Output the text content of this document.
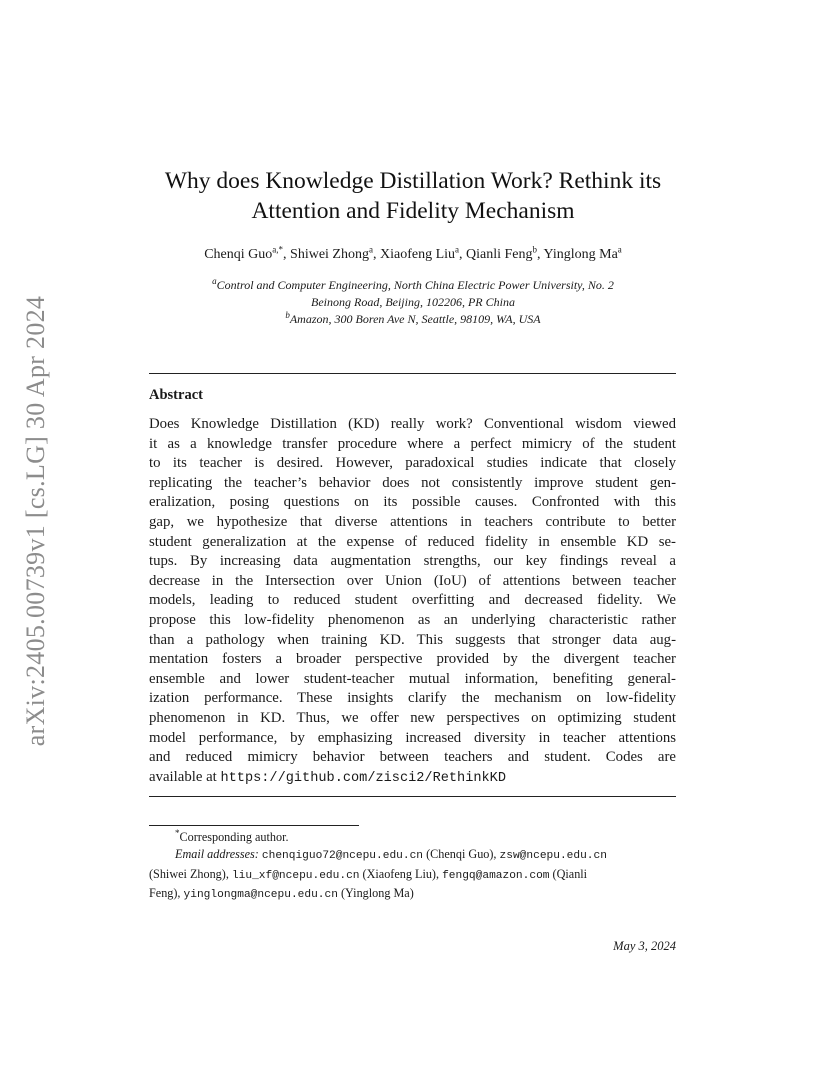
arXiv:2405.00739v1 [cs.LG] 30 Apr 2024
Why does Knowledge Distillation Work? Rethink its
Attention and Fidelity Mechanism
Chenqi Guo$^{a,*}$, Shiwei Zhong$^a$, Xiaofeng Liu$^a$, Qianli Feng$^b$, Yinglong Ma$^a$
$^a$Control and Computer Engineering, North China Electric Power University, No. 2
Beinong Road, Beijing, 102206, PR China
$^b$Amazon, 300 Boren Ave N, Seattle, 98109, WA, USA
Abstract
Does Knowledge Distillation (KD) really work? Conventional wisdom viewed
it as a knowledge transfer procedure where a perfect mimicry of the student
to its teacher is desired. However, paradoxical studies indicate that closely
replicating the teacher’s behavior does not consistently improve student gen-
eralization, posing questions on its possible causes. Confronted with this
gap, we hypothesize that diverse attentions in teachers contribute to better
student generalization at the expense of reduced fidelity in ensemble KD se-
tups. By increasing data augmentation strengths, our key findings reveal a
decrease in the Intersection over Union (IoU) of attentions between teacher
models, leading to reduced student overfitting and decreased fidelity. We
propose this low-fidelity phenomenon as an underlying characteristic rather
than a pathology when training KD. This suggests that stronger data aug-
mentation fosters a broader perspective provided by the divergent teacher
ensemble and lower student-teacher mutual information, benefiting general-
ization performance. These insights clarify the mechanism on low-fidelity
phenomenon in KD. Thus, we offer new perspectives on optimizing student
model performance, by emphasizing increased diversity in teacher attentions
and reduced mimicry behavior between teachers and student. Codes are
available at https://github.com/zisci2/RethinkKD
*Corresponding author.
Email addresses: chenqiguo72@ncepu.edu.cn (Chenqi Guo), zsw@ncepu.edu.cn
(Shiwei Zhong), liu_xf@ncepu.edu.cn (Xiaofeng Liu), fengq@amazon.com (Qianli
Feng), yinglongma@ncepu.edu.cn (Yinglong Ma)
May 3, 2024
